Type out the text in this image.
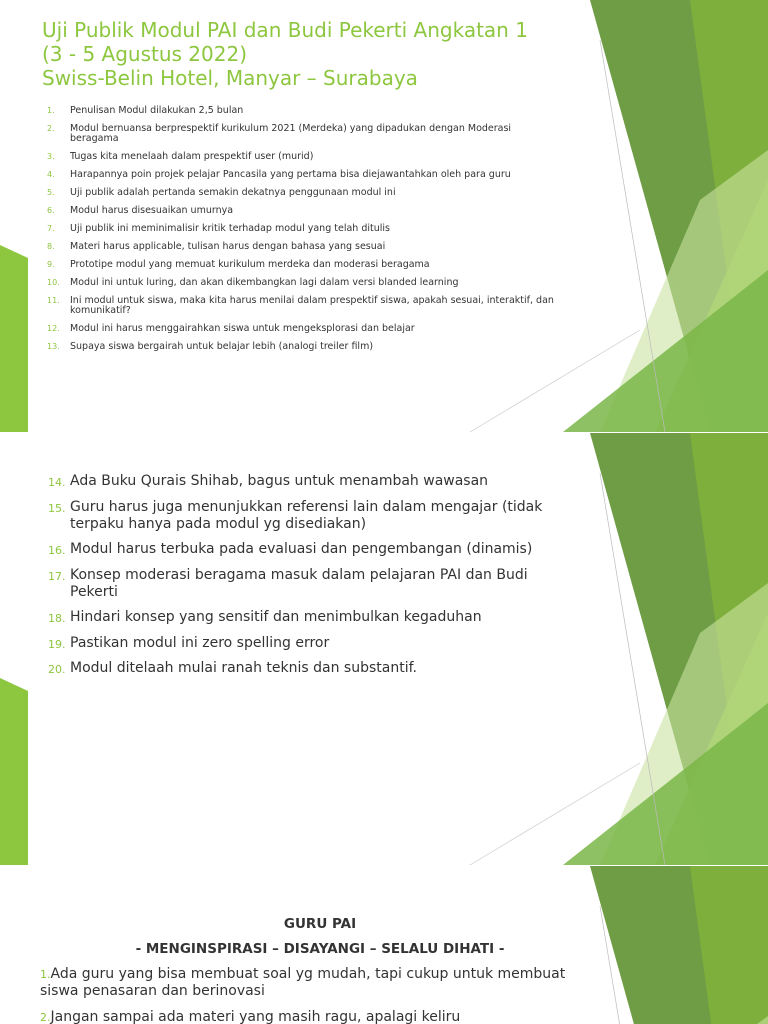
Uji Publik Modul PAI dan Budi Pekerti Angkatan 1
(3 - 5 Agustus 2022)
Swiss-Belin Hotel, Manyar – Surabaya
1. Penulisan Modul dilakukan 2,5 bulan
2. Modul bernuansa berprespektif kurikulum 2021 (Merdeka) yang dipadukan dengan Moderasi beragama
3. Tugas kita menelaah dalam prespektif user (murid)
4. Harapannya poin projek pelajar Pancasila yang pertama bisa diejawantahkan oleh para guru
5. Uji publik adalah pertanda semakin dekatnya penggunaan modul ini
6. Modul harus disesuaikan umurnya
7. Uji publik ini meminimalisir kritik terhadap modul yang telah ditulis
8. Materi harus applicable, tulisan harus dengan bahasa yang sesuai
9. Prototipe modul yang memuat kurikulum merdeka dan moderasi beragama
10. Modul ini untuk luring, dan akan dikembangkan lagi dalam versi blanded learning
11. Ini modul untuk siswa, maka kita harus menilai dalam prespektif siswa, apakah sesuai, interaktif, dan komunikatif?
12. Modul ini harus menggairahkan siswa untuk mengeksplorasi dan belajar
13. Supaya siswa bergairah untuk belajar lebih (analogi treiler film)
14. Ada Buku Qurais Shihab, bagus untuk menambah wawasan
15. Guru harus juga menunjukkan referensi lain dalam mengajar (tidak terpaku hanya pada modul yg disediakan)
16. Modul harus terbuka pada evaluasi dan pengembangan (dinamis)
17. Konsep moderasi beragama masuk dalam pelajaran PAI dan Budi Pekerti
18. Hindari konsep yang sensitif dan menimbulkan kegaduhan
19. Pastikan modul ini zero spelling error
20. Modul ditelaah mulai ranah teknis dan substantif.

GURU PAI

- MENGINSPIRASI – DISAYANGI – SELALU DIHATI -

1.Ada guru yang bisa membuat soal yg mudah, tapi cukup untuk membuat siswa penasaran dan berinovasi

2.Jangan sampai ada materi yang masih ragu, apalagi keliru
